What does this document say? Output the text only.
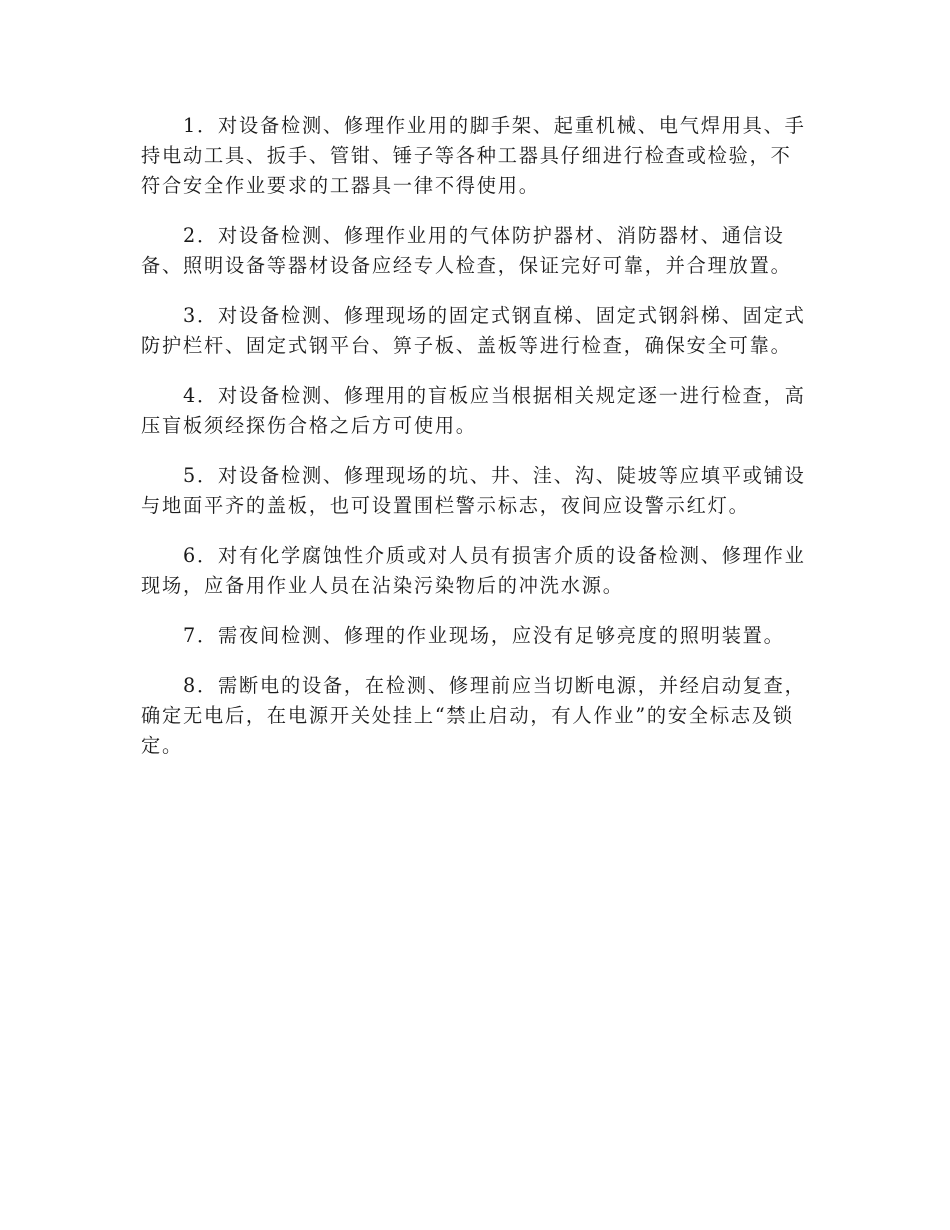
1．对设备检测、修理作业用的脚手架、起重机械、电气焊用具、手持电动工具、扳手、管钳、锤子等各种工器具仔细进行检查或检验，不符合安全作业要求的工器具一律不得使用。

2．对设备检测、修理作业用的气体防护器材、消防器材、通信设备、照明设备等器材设备应经专人检查，保证完好可靠，并合理放置。

3．对设备检测、修理现场的固定式钢直梯、固定式钢斜梯、固定式防护栏杆、固定式钢平台、箅子板、盖板等进行检查，确保安全可靠。

4．对设备检测、修理用的盲板应当根据相关规定逐一进行检查，高压盲板须经探伤合格之后方可使用。

5．对设备检测、修理现场的坑、井、洼、沟、陡坡等应填平或铺设与地面平齐的盖板，也可设置围栏警示标志，夜间应设警示红灯。

6．对有化学腐蚀性介质或对人员有损害介质的设备检测、修理作业现场，应备用作业人员在沾染污染物后的冲洗水源。

7．需夜间检测、修理的作业现场，应没有足够亮度的照明装置。

8．需断电的设备，在检测、修理前应当切断电源，并经启动复查，确定无电后，在电源开关处挂上“禁止启动，有人作业”的安全标志及锁定。
